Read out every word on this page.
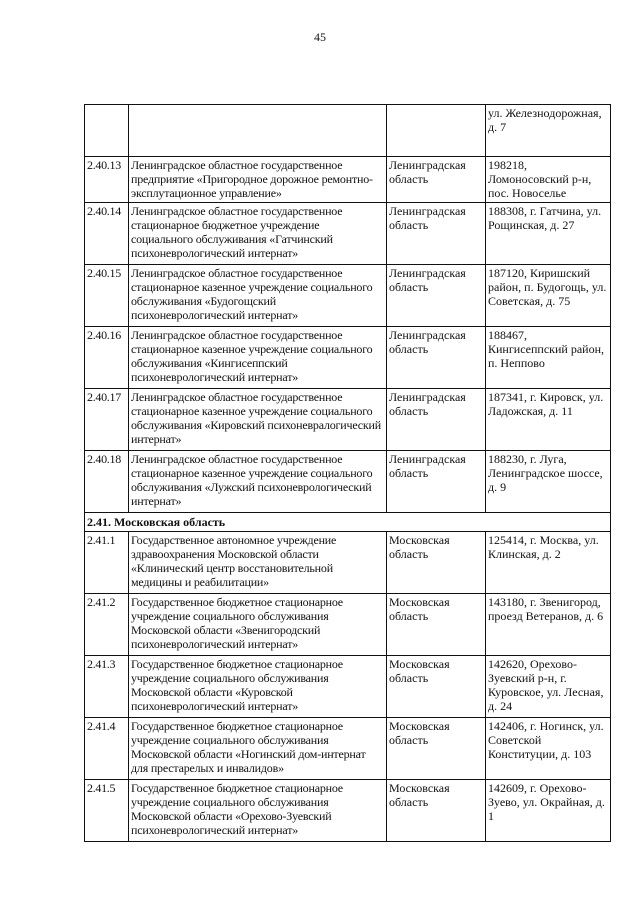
45
			ул. Железнодорожная, д. 7
2.40.13	Ленинградское областное государственное предприятие «Пригородное дорожное ремонтно-эксплутационное управление»	Ленинградская область	198218, Ломоносовский р-н, пос. Новоселье
2.40.14	Ленинградское областное государственное стационарное бюджетное учреждение социального обслуживания «Гатчинский психоневрологический интернат»	Ленинградская область	188308, г. Гатчина, ул. Рощинская, д. 27
2.40.15	Ленинградское областное государственное стационарное казенное учреждение социального обслуживания «Будогощский психоневрологический интернат»	Ленинградская область	187120, Киришский район, п. Будогощь, ул. Советская, д. 75
2.40.16	Ленинградское областное государственное стационарное казенное учреждение социального обслуживания «Кингисеппский психоневрологический интернат»	Ленинградская область	188467, Кингисеппский район, п. Неппово
2.40.17	Ленинградское областное государственное стационарное казенное учреждение социального обслуживания «Кировский психоневралогический интернат»	Ленинградская область	187341, г. Кировск, ул. Ладожская, д. 11
2.40.18	Ленинградское областное государственное стационарное казенное учреждение социального обслуживания «Лужский психоневрологический интернат»	Ленинградская область	188230, г. Луга, Ленинградское шоссе, д. 9
2.41. Московская область			
2.41.1	Государственное автономное учреждение здравоохранения Московской области «Клинический центр восстановительной медицины и реабилитации»	Московская область	125414, г. Москва, ул. Клинская, д. 2
2.41.2	Государственное бюджетное стационарное учреждение социального обслуживания Московской области «Звенигородский психоневрологический интернат»	Московская область	143180, г. Звенигород, проезд Ветеранов, д. 6
2.41.3	Государственное бюджетное стационарное учреждение социального обслуживания Московской области «Куровской психоневрологический интернат»	Московская область	142620, Орехово-Зуевский р-н, г. Куровское, ул. Лесная, д. 24
2.41.4	Государственное бюджетное стационарное учреждение социального обслуживания Московской области «Ногинский дом-интернат для престарелых и инвалидов»	Московская область	142406, г. Ногинск, ул. Советской Конституции, д. 103
2.41.5	Государственное бюджетное стационарное учреждение социального обслуживания Московской области «Орехово-Зуевский психоневрологический интернат»	Московская область	142609, г. Орехово-Зуево, ул. Окрайная, д. 1
